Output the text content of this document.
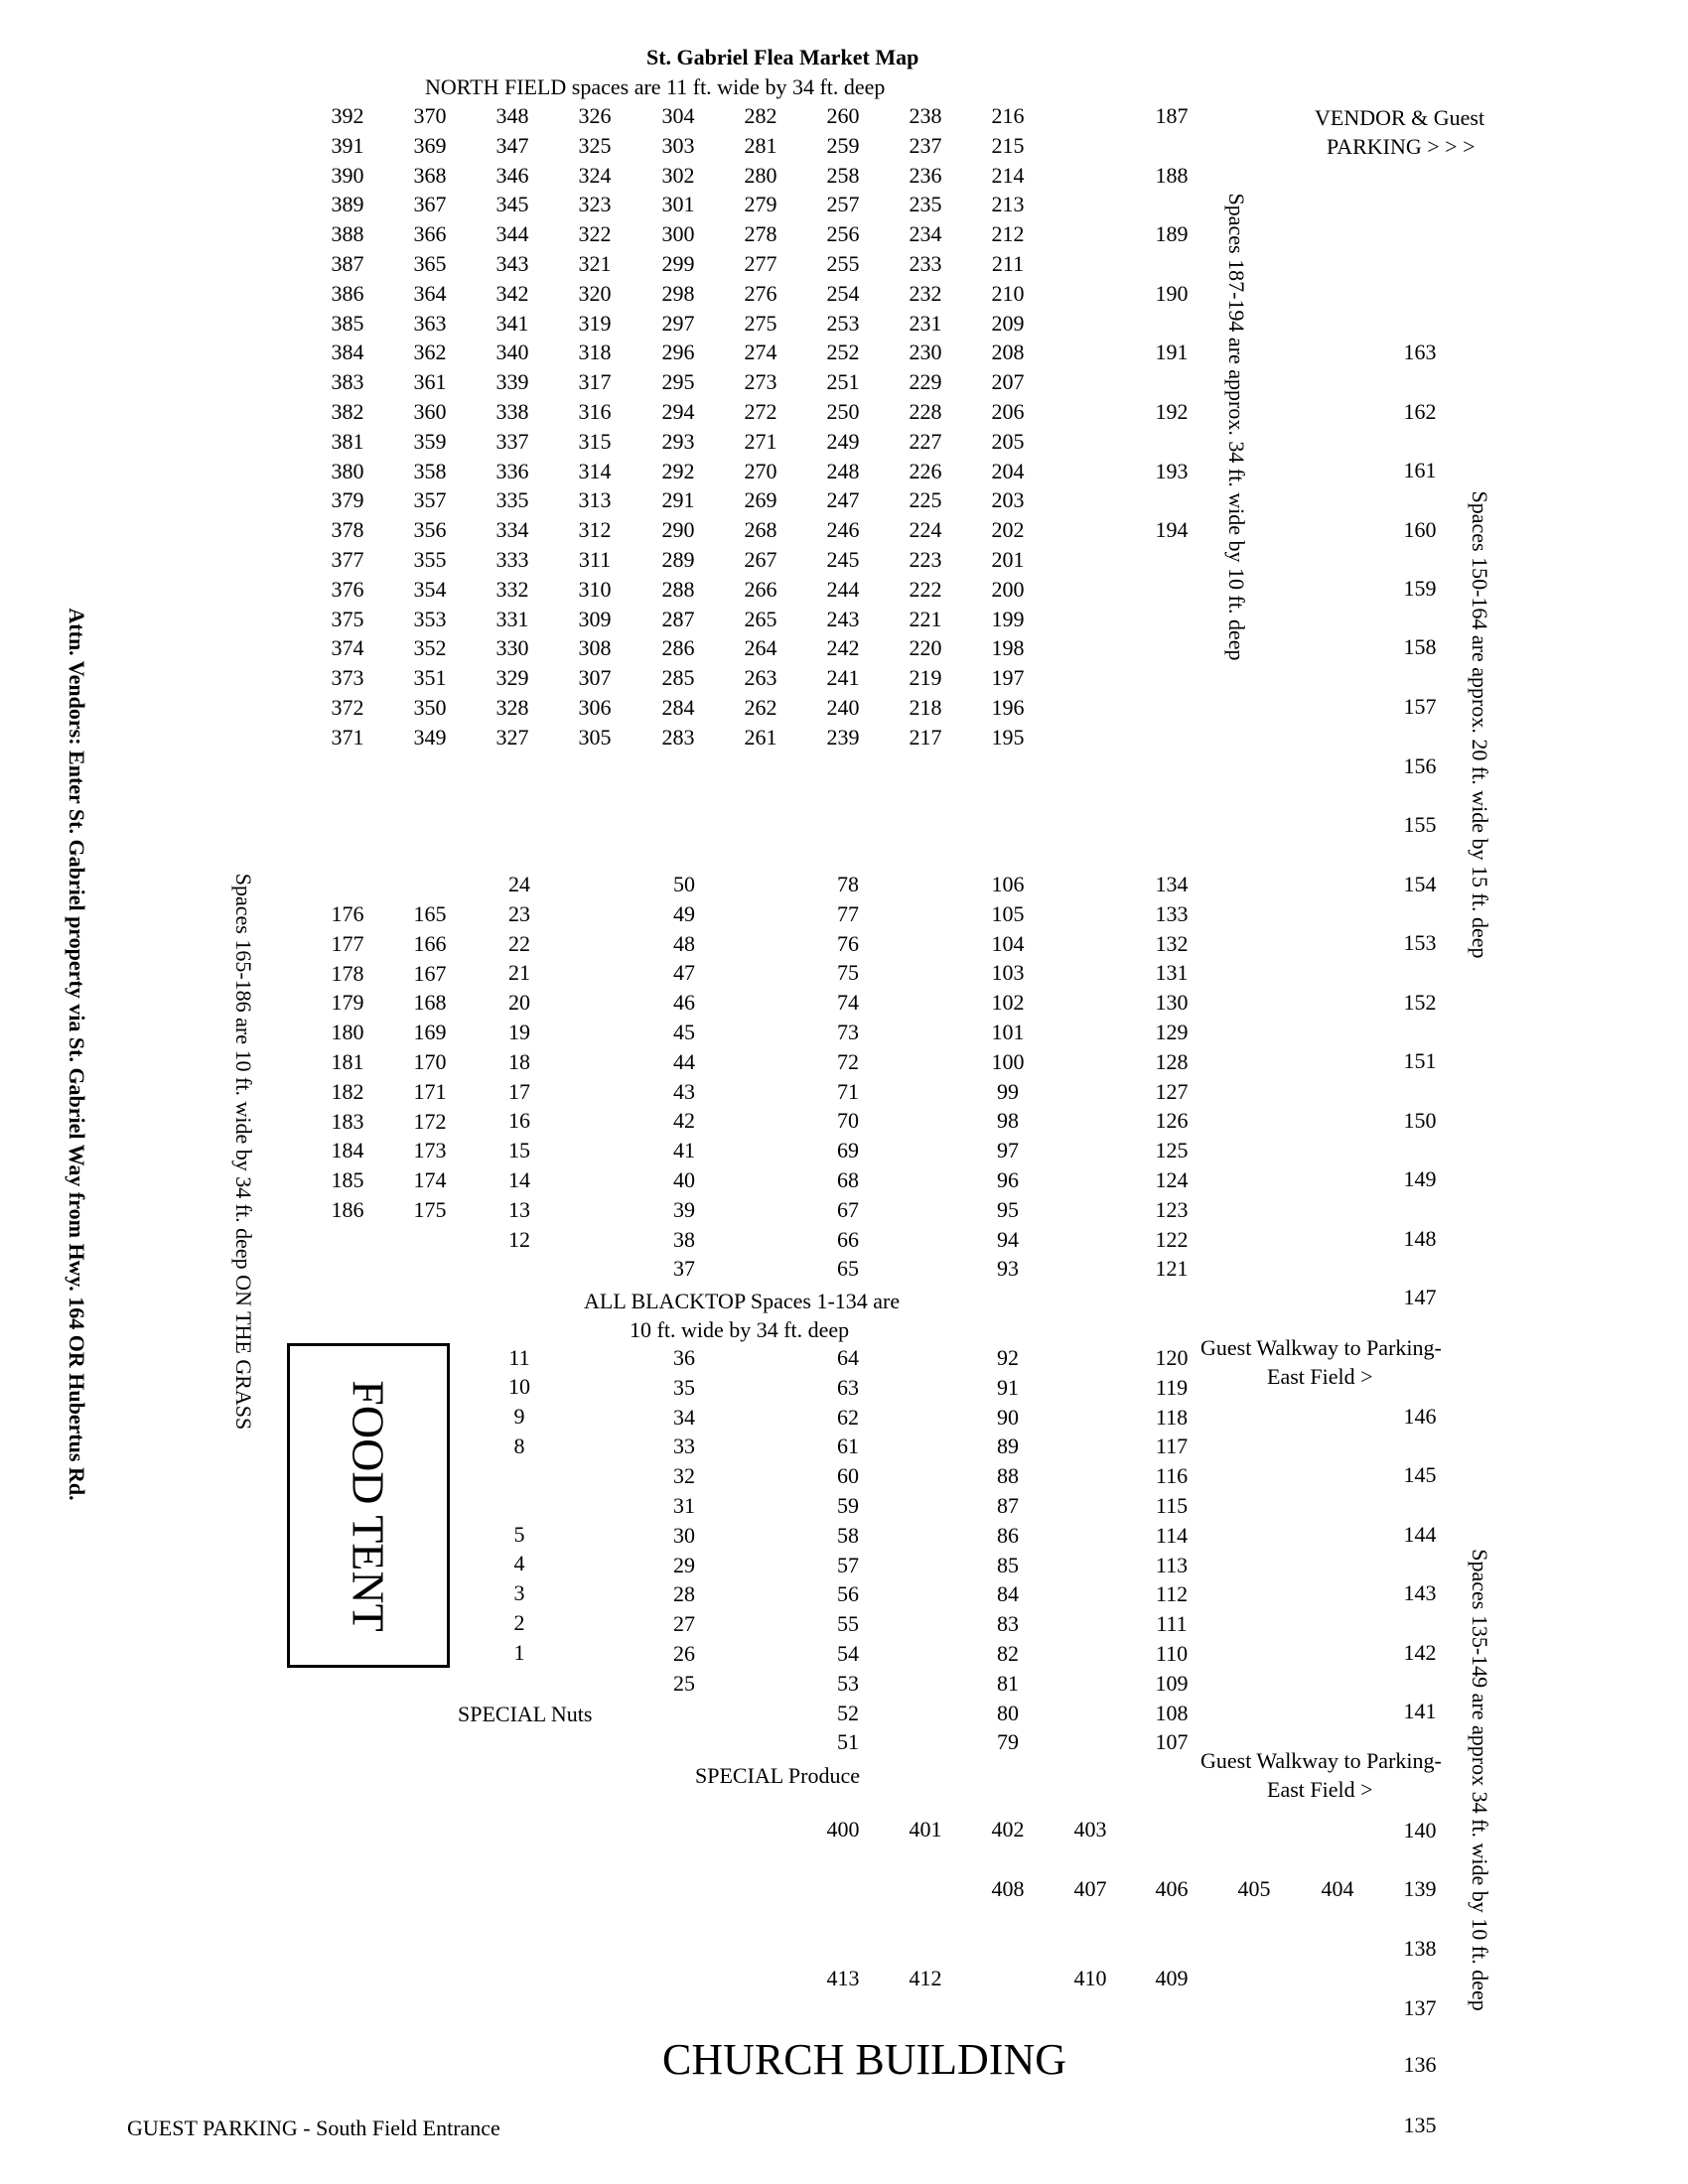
St. Gabriel Flea Market Map
NORTH FIELD spaces are 11 ft. wide by 34 ft. deep
VENDOR & Guest
PARKING > > >
Spaces 187-194 are approx. 34 ft. wide by 10 ft. deep
Spaces 150-164 are approx. 20 ft. wide by 15 ft. deep
Spaces 165-186 are 10 ft. wide by 34 ft. deep ON THE GRASS
Spaces 135-149 are approx 34 ft. wide by 10 ft. deep
Attn. Vendors: Enter St. Gabriel property via St. Gabriel Way from Hwy. 164 OR Hubertus Rd.	ALL BLACKTOP Spaces 1-134 are
10 ft. wide by 34 ft. deep
Guest Walkway to Parking-
East Field >
Guest Walkway to Parking-
East Field >
SPECIAL Nuts
SPECIAL Produce
FOOD TENT
CHURCH BUILDING
GUEST PARKING - South Field Entrance
392
391
390
389
388
387
386
385
384
383
382
381
380
379
378
377
376
375
374
373
372
371
370
369
368
367
366
365
364
363
362
361
360
359
358
357
356
355
354
353
352
351
350
349
348
347
346
345
344
343
342
341
340
339
338
337
336
335
334
333
332
331
330
329
328
327
326
325
324
323
322
321
320
319
318
317
316
315
314
313
312
311
310
309
308
307
306
305
304
303
302
301
300
299
298
297
296
295
294
293
292
291
290
289
288
287
286
285
284
283
282
281
280
279
278
277
276
275
274
273
272
271
270
269
268
267
266
265
264
263
262
261
260
259
258
257
256
255
254
253
252
251
250
249
248
247
246
245
244
243
242
241
240
239
238
237
236
235
234
233
232
231
230
229
228
227
226
225
224
223
222
221
220
219
218
217
216
215
214
213
212
211
210
209
208
207
206
205
204
203
202
201
200
199
198
197
196
195
187
188
189
190
191
192
193
194
163
162
161
160
159
158
157
156
155
154
153
152
151
150
149
148
147
146
145
144
143
142
141
140
139
138
137
136
135
176
177
178
179
180
181
182
183
184
185
186
165
166
167
168
169
170
171
172
173
174
175
24
23
22
21
20
19
18
17
16
15
14
13
12
11
10
9
8
5
4
3
2
1
50
49
48
47
46
45
44
43
42
41
40
39
38
37
36
35
34
33
32
31
30
29
28
27
26
25
78
77
76
75
74
73
72
71
70
69
68
67
66
65
64
63
62
61
60
59
58
57
56
55
54
53
52
51
106
105
104
103
102
101
100
99
98
97
96
95
94
93
92
91
90
89
88
87
86
85
84
83
82
81
80
79
134
133
132
131
130
129
128
127
126
125
124
123
122
121
120
119
118
117
116
115
114
113
112
111
110
109
108
107
400 401 402 403
408 407 406 405 404
413 412	410 409
